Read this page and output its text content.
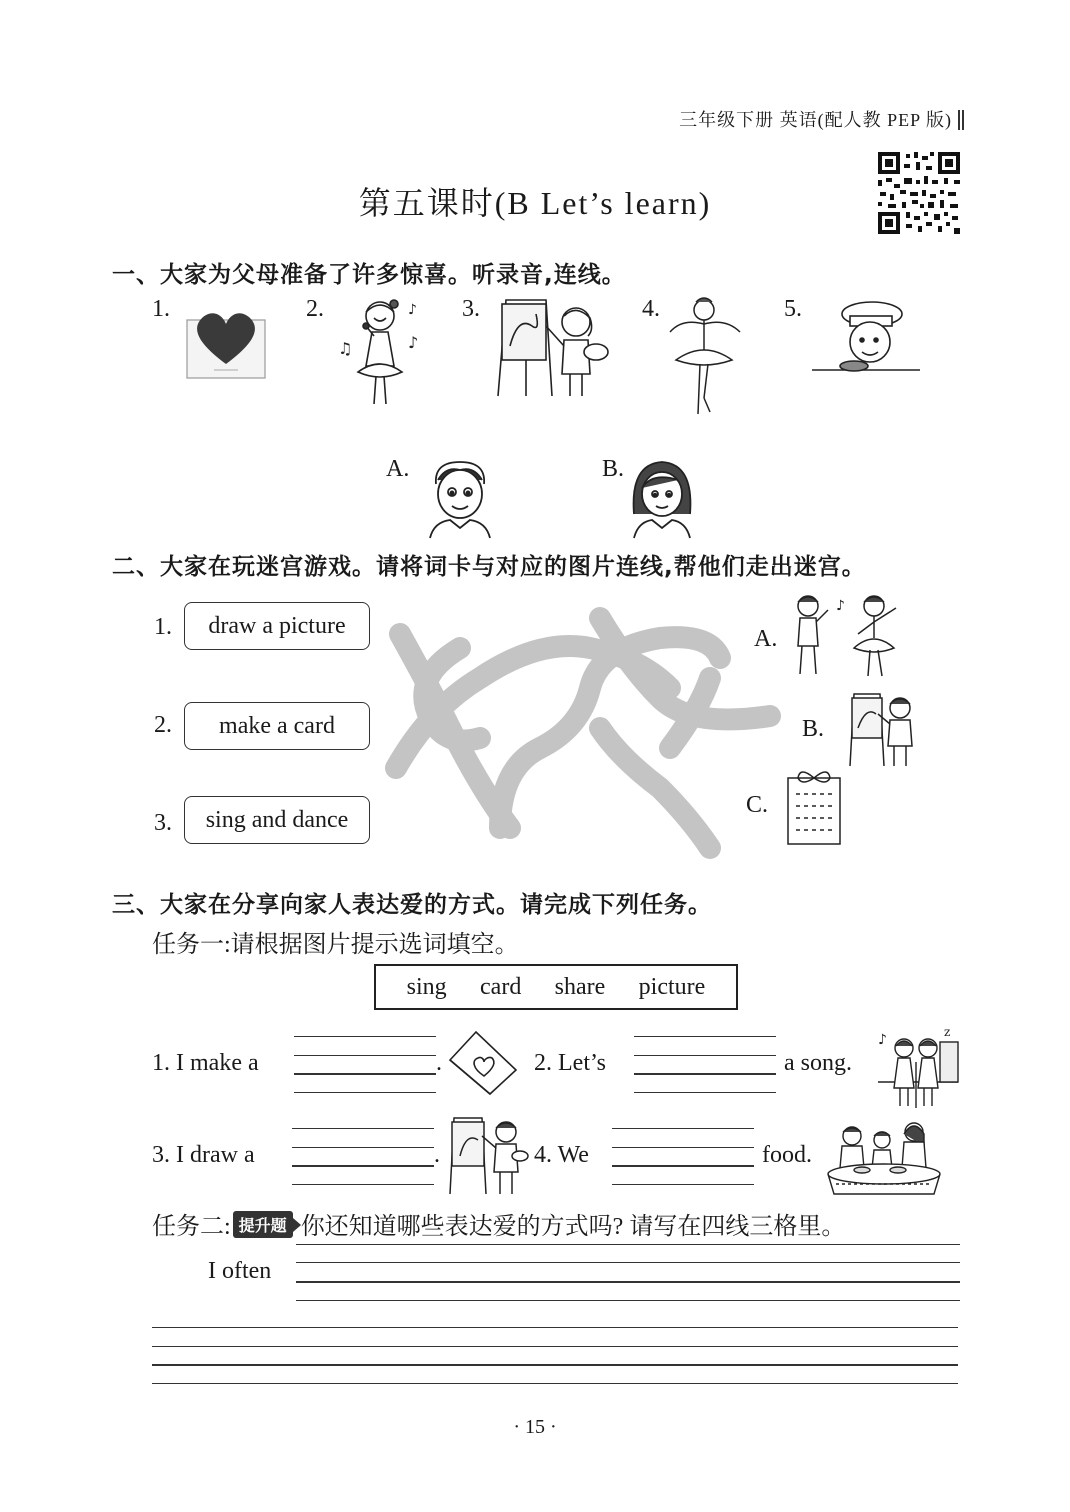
三年级下册 英语(配人教 PEP 版)
第五课时(B Let’s learn)
一、大家为父母准备了许多惊喜。听录音,连线。
1.	2.	3.	4.	5.
♫	♪
♪
A.	B.
二、大家在玩迷宫游戏。请将词卡与对应的图片连线,帮他们走出迷宫。
1.
2.
3.
draw a picture
make a card
sing and dance
A.
B.
C.
♪
三、大家在分享向家人表达爱的方式。请完成下列任务。
任务一:请根据图片提示选词填空。
sing card share picture
1. I make a	.	2. Let’s	a song.
♪	z
3. I draw a	.	4. We	food.
任务二: 提升题 你还知道哪些表达爱的方式吗? 请写在四线三格里。
I often
· 15 ·
